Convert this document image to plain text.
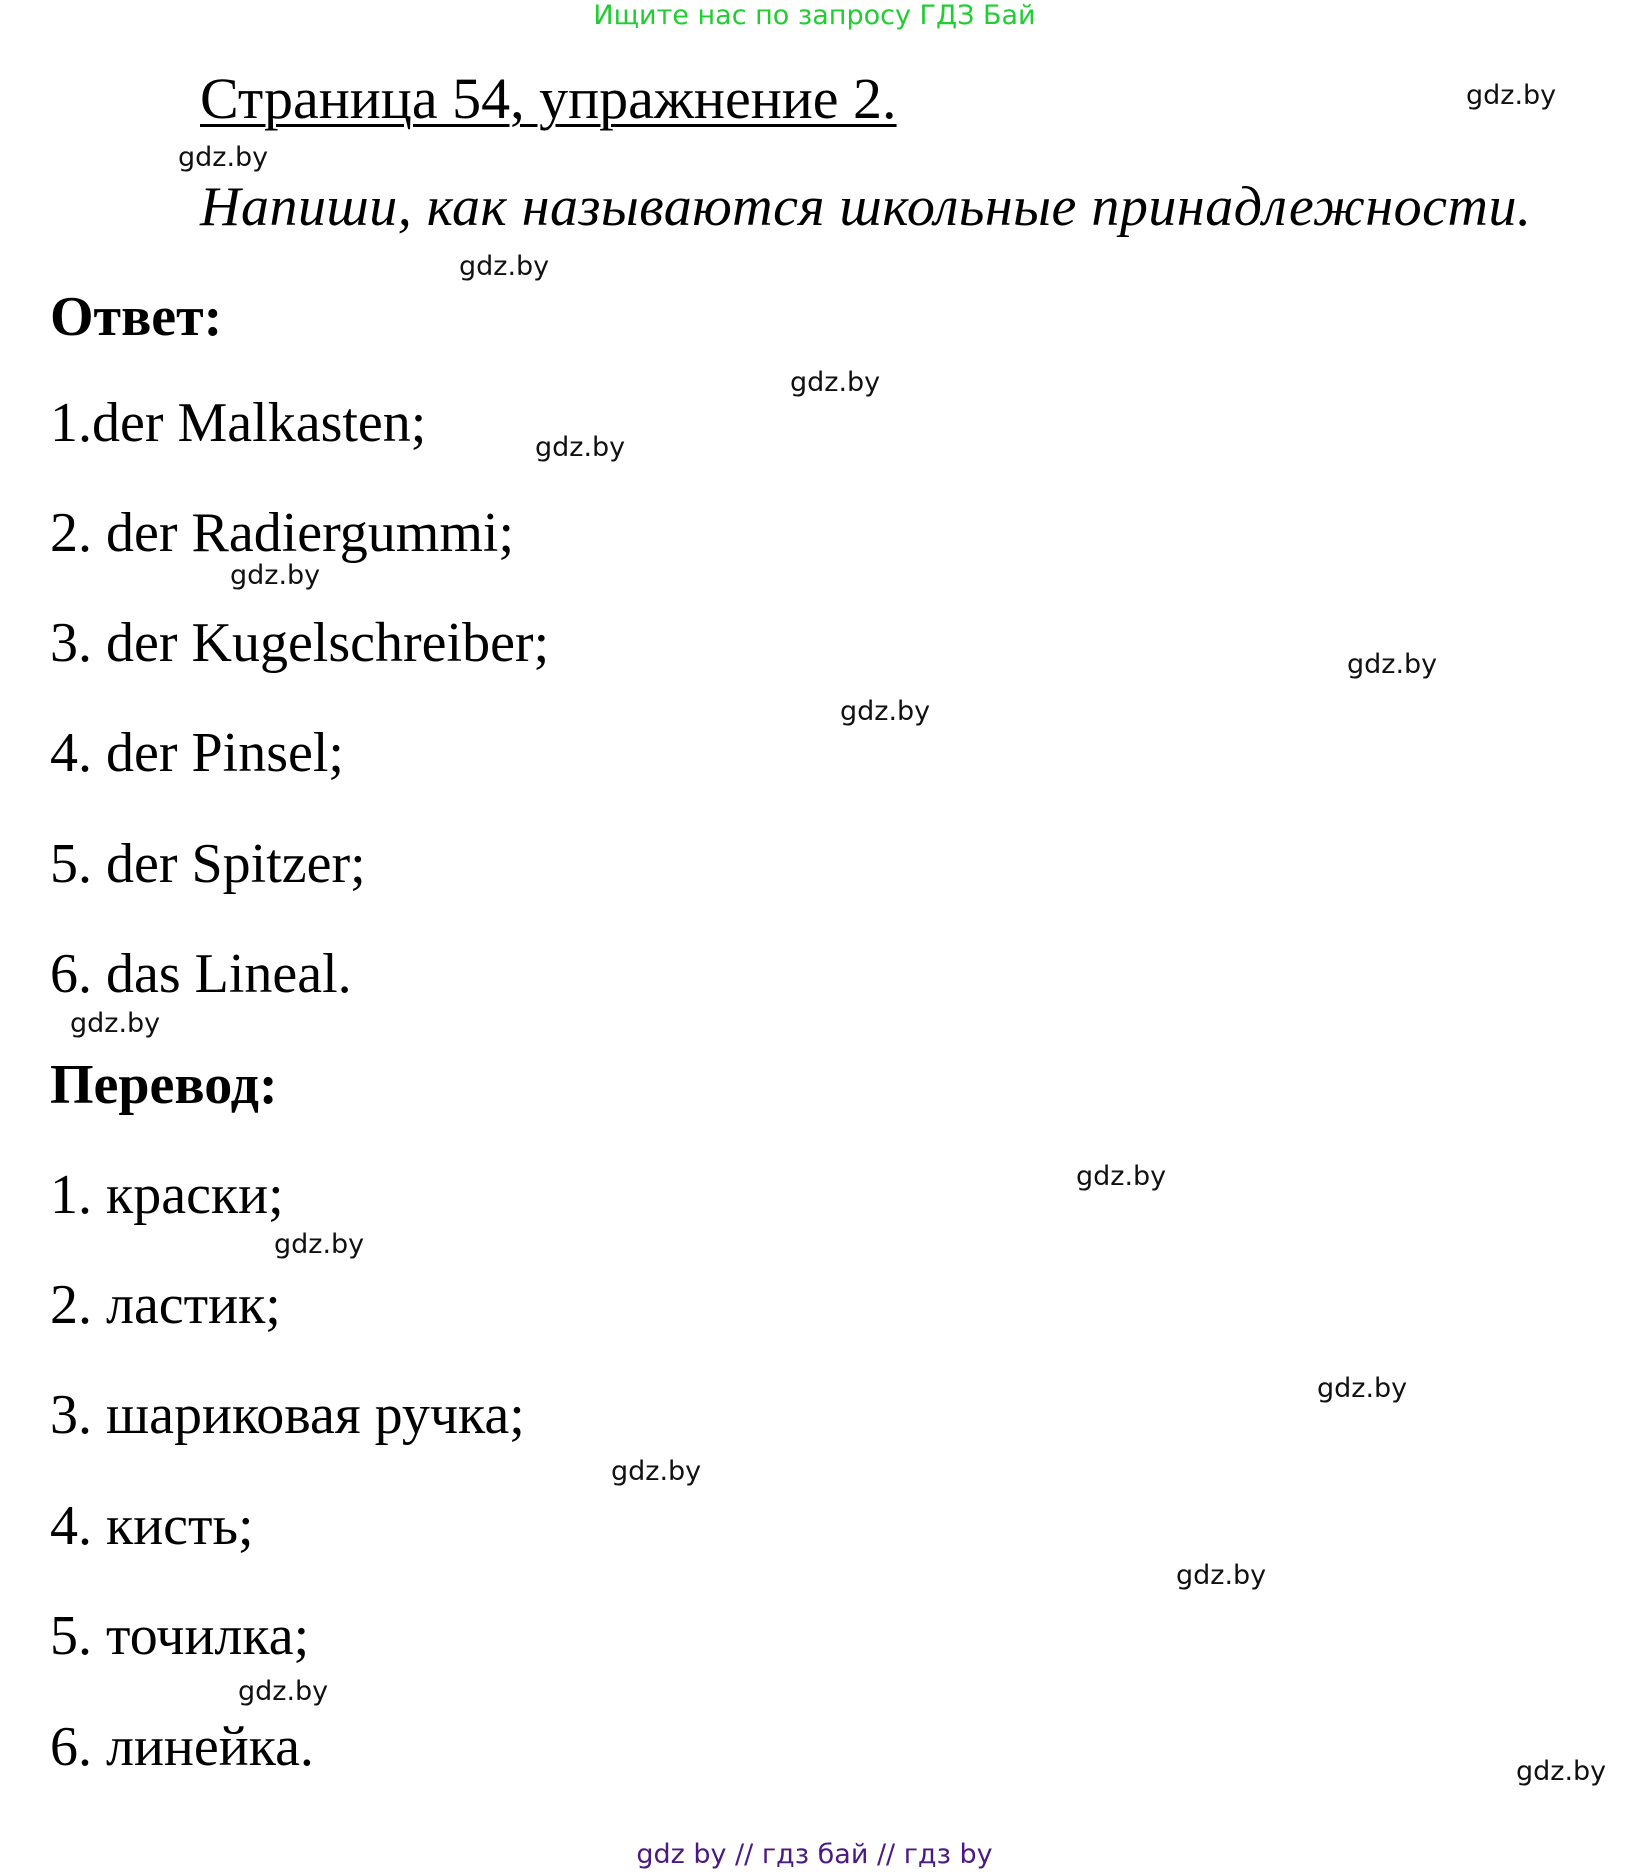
Ищите нас по запросу ГДЗ Бай
Страница 54, упражнение 2.
Напиши, как называются школьные принадлежности.
Ответ:
1.der Malkasten;
2. der Radiergummi;
3. der Kugelschreiber;
4. der Pinsel;
5. der Spitzer;
6. das Lineal.
Перевод:
1. краски;
2. ластик;
3. шариковая ручка;
4. кисть;
5. точилка;
6. линейка.
gdz.by
gdz.by
gdz.by
gdz.by
gdz.by
gdz.by
gdz.by
gdz.by
gdz.by
gdz.by
gdz.by
gdz.by
gdz.by
gdz.by
gdz.by
gdz.by
gdz by // гдз бай // гдз by
